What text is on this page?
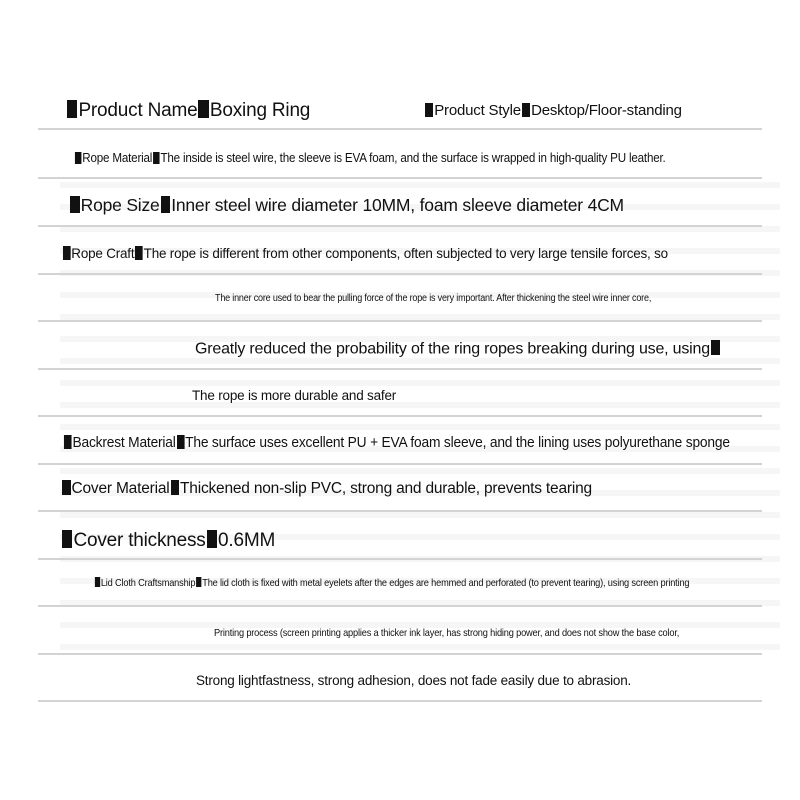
Product Name Boxing Ring	Product Style Desktop/Floor-standing
Rope Material The inside is steel wire, the sleeve is EVA foam, and the surface is wrapped in high-quality PU leather.
Rope Size Inner steel wire diameter 10MM, foam sleeve diameter 4CM
Rope Craft The rope is different from other components, often subjected to very large tensile forces, so
The inner core used to bear the pulling force of the rope is very important. After thickening the steel wire inner core,
Greatly reduced the probability of the ring ropes breaking during use, using
The rope is more durable and safer
Backrest Material The surface uses excellent PU + EVA foam sleeve, and the lining uses polyurethane sponge
Cover Material Thickened non-slip PVC, strong and durable, prevents tearing
Cover thickness 0.6MM
Lid Cloth Craftsmanship The lid cloth is fixed with metal eyelets after the edges are hemmed and perforated (to prevent tearing), using screen printing
Printing process (screen printing applies a thicker ink layer, has strong hiding power, and does not show the base color,
Strong lightfastness, strong adhesion, does not fade easily due to abrasion.
